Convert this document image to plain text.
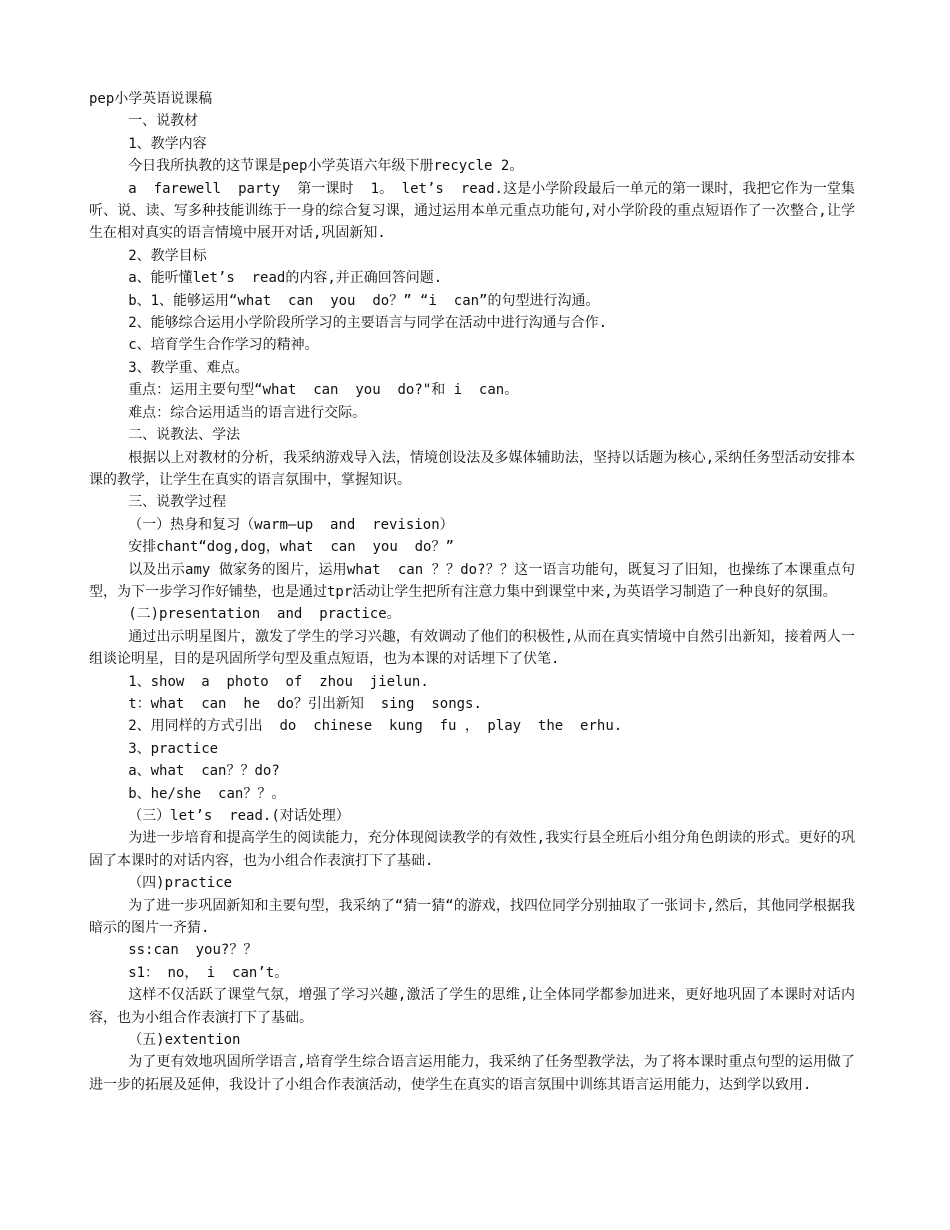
pep小学英语说课稿

一、说教材

1、教学内容

今日我所执教的这节课是pep小学英语六年级下册recycle 2。

a  farewell  party  第一课时  1。 let’s  read.这是小学阶段最后一单元的第一课时，我把它作为一堂集听、说、读、写多种技能训练于一身的综合复习课，通过运用本单元重点功能句,对小学阶段的重点短语作了一次整合,让学生在相对真实的语言情境中展开对话,巩固新知.

2、教学目标

a、能听懂let’s  read的内容,并正确回答问题.

b、1、能够运用“what  can  you  do？” “i  can”的句型进行沟通。

2、能够综合运用小学阶段所学习的主要语言与同学在活动中进行沟通与合作.

c、培育学生合作学习的精神。

3、教学重、难点。

重点：运用主要句型“what  can  you  do?"和 i  can。

难点：综合运用适当的语言进行交际。

二、说教法、学法

根据以上对教材的分析，我采纳游戏导入法，情境创设法及多媒体辅助法，坚持以话题为核心,采纳任务型活动安排本课的教学，让学生在真实的语言氛围中，掌握知识。

三、说教学过程

（一）热身和复习（warm—up  and  revision）

安排chant“dog,dog，what  can  you  do？”

以及出示amy 做家务的图片，运用what  can ？？do?？？这一语言功能句，既复习了旧知，也操练了本课重点句型，为下一步学习作好铺垫，也是通过tpr活动让学生把所有注意力集中到课堂中来,为英语学习制造了一种良好的氛围。

(二)presentation  and  practice。

通过出示明星图片，激发了学生的学习兴趣，有效调动了他们的积极性,从而在真实情境中自然引出新知，接着两人一组谈论明星，目的是巩固所学句型及重点短语，也为本课的对话埋下了伏笔.

1、show  a  photo  of  zhou  jielun.

t：what  can  he  do？引出新知  sing  songs.

2、用同样的方式引出  do  chinese  kung  fu ， play  the  erhu.

3、practice

a、what  can？？do?

b、he/she  can？？。

（三）let’s  read.(对话处理）

为进一步培育和提高学生的阅读能力，充分体现阅读教学的有效性,我实行县全班后小组分角色朗读的形式。更好的巩固了本课时的对话内容，也为小组合作表演打下了基础.

（四)practice

为了进一步巩固新知和主要句型，我采纳了“猜一猜“的游戏，找四位同学分别抽取了一张词卡,然后，其他同学根据我暗示的图片一齐猜.

ss:can  you?？？

s1： no， i  can’t。

这样不仅活跃了课堂气氛，增强了学习兴趣,激活了学生的思维,让全体同学都参加进来，更好地巩固了本课时对话内容，也为小组合作表演打下了基础。

（五)extention

为了更有效地巩固所学语言,培育学生综合语言运用能力，我采纳了任务型教学法，为了将本课时重点句型的运用做了进一步的拓展及延伸，我设计了小组合作表演活动，使学生在真实的语言氛围中训练其语言运用能力，达到学以致用.
